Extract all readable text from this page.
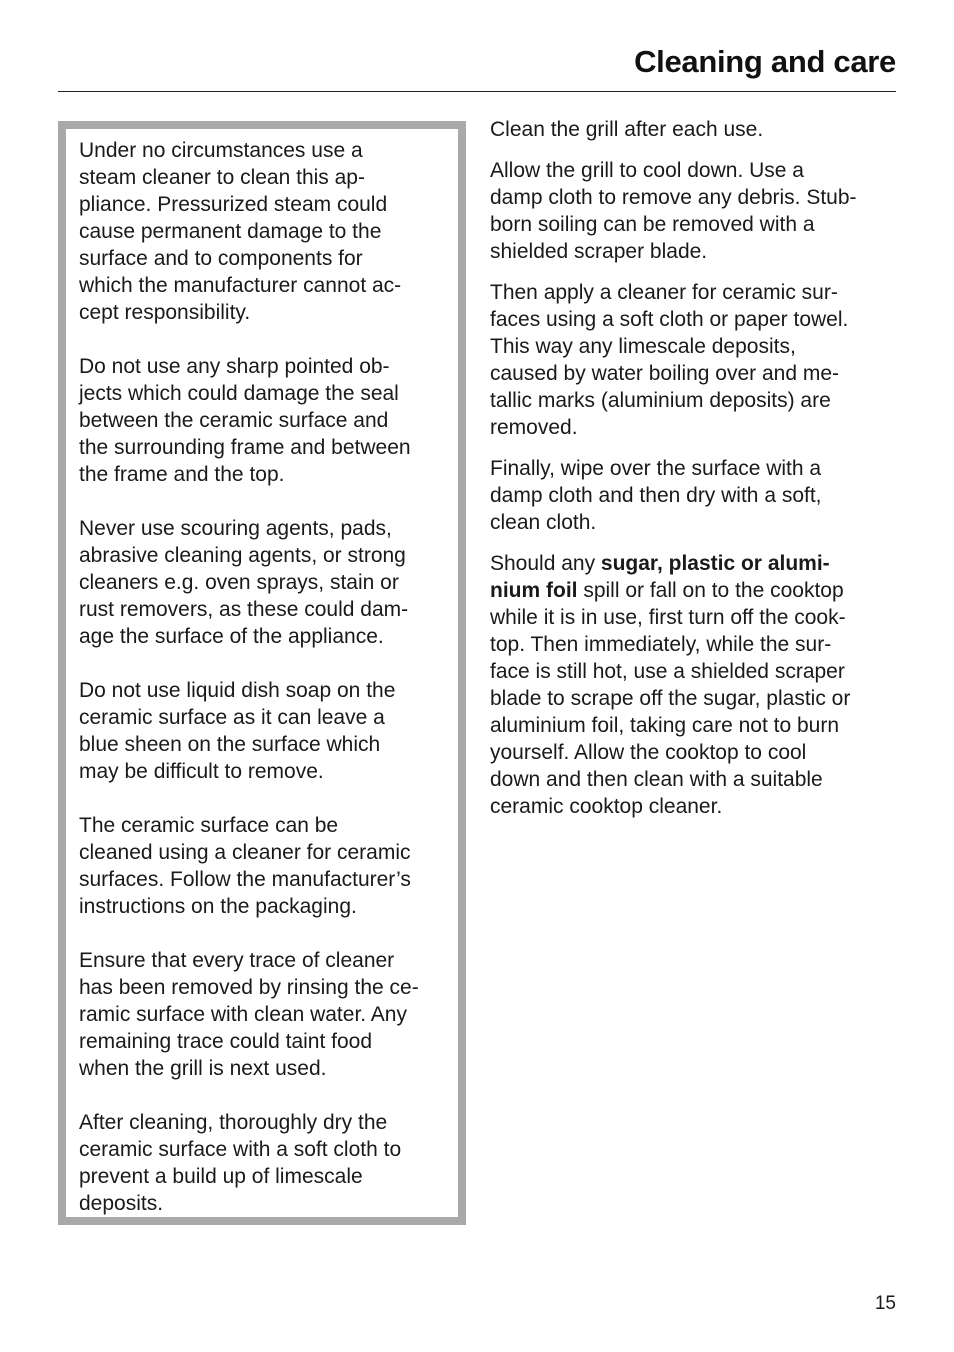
Cleaning and care

Under no circumstances use a
steam cleaner to clean this ap-
pliance. Pressurized steam could
cause permanent damage to the
surface and to components for
which the manufacturer cannot ac-
cept responsibility.

Do not use any sharp pointed ob-
jects which could damage the seal
between the ceramic surface and
the surrounding frame and between
the frame and the top.

Never use scouring agents, pads,
abrasive cleaning agents, or strong
cleaners e.g. oven sprays, stain or
rust removers, as these could dam-
age the surface of the appliance.

Do not use liquid dish soap on the
ceramic surface as it can leave a
blue sheen on the surface which
may be difficult to remove.

The ceramic surface can be
cleaned using a cleaner for ceramic
surfaces. Follow the manufacturer’s
instructions on the packaging.

Ensure that every trace of cleaner
has been removed by rinsing the ce-
ramic surface with clean water. Any
remaining trace could taint food
when the grill is next used.

After cleaning, thoroughly dry the
ceramic surface with a soft cloth to
prevent a build up of limescale
deposits.

Clean the grill after each use.

Allow the grill to cool down. Use a
damp cloth to remove any debris. Stub-
born soiling can be removed with a
shielded scraper blade.

Then apply a cleaner for ceramic sur-
faces using a soft cloth or paper towel.
This way any limescale deposits,
caused by water boiling over and me-
tallic marks (aluminium deposits) are
removed.

Finally, wipe over the surface with a
damp cloth and then dry with a soft,
clean cloth.

Should any sugar, plastic or alumi-
nium foil spill or fall on to the cooktop
while it is in use, first turn off the cook-
top. Then immediately, while the sur-
face is still hot, use a shielded scraper
blade to scrape off the sugar, plastic or
aluminium foil, taking care not to burn
yourself. Allow the cooktop to cool
down and then clean with a suitable
ceramic cooktop cleaner.

15
